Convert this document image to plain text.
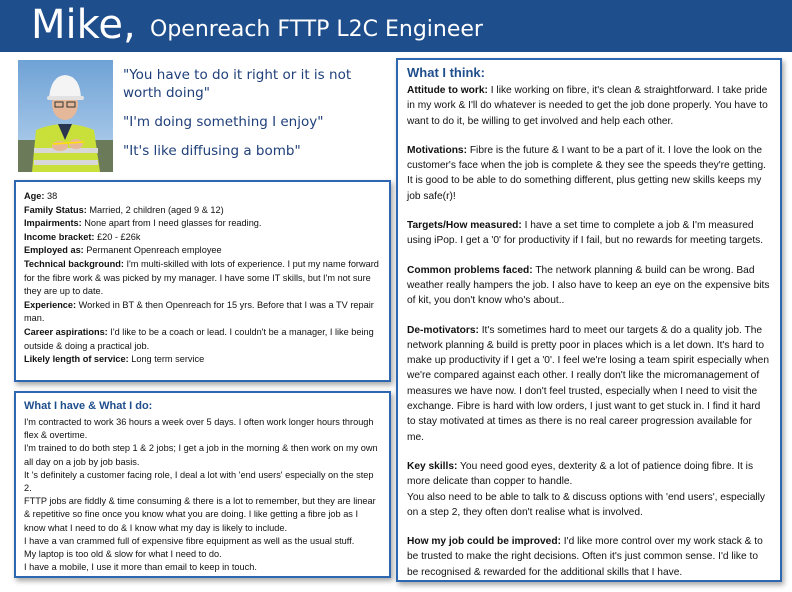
Mike, Openreach FTTP L2C Engineer

"You have to do it right or it is not worth doing"

"I'm doing something I enjoy"

"It's like diffusing a bomb"

Age: 38

Family Status: Married, 2 children (aged 9 & 12)

Impairments: None apart from I need glasses for reading.

Income bracket: £20 - £26k

Employed as: Permanent Openreach employee

Technical background: I'm multi-skilled with lots of experience. I put my name forward for the fibre work & was picked by my manager. I have some IT skills, but I'm not sure they are up to date.

Experience: Worked in BT & then Openreach for 15 yrs. Before that I was a TV repair man.

Career aspirations: I'd like to be a coach or lead. I couldn't be a manager, I like being outside & doing a practical job.

Likely length of service: Long term service

What I have & What I do:

I'm contracted to work 36 hours a week over 5 days. I often work longer hours through flex & overtime.

I'm trained to do both step 1 & 2 jobs; I get a job in the morning & then work on my own all day on a job by job basis.

It 's definitely a customer facing role, I deal a lot with 'end users' especially on the step 2.

FTTP jobs are fiddly & time consuming & there is a lot to remember, but they are linear & repetitive so fine once you know what you are doing. I like getting a fibre job as I know what I need to do & I know what my day is likely to include.

I have a van crammed full of expensive fibre equipment as well as the usual stuff.

My laptop is too old & slow for what I need to do.

I have a mobile, I use it more than email to keep in touch.

What I think:

Attitude to work: I like working on fibre, it's clean & straightforward. I take pride in my work & I'll do whatever is needed to get the job done properly. You have to want to do it, be willing to get involved and help each other.

Motivations: Fibre is the future & I want to be a part of it. I love the look on the customer's face when the job is complete & they see the speeds they're getting. It is good to be able to do something different, plus getting new skills keeps my job safe(r)!

Targets/How measured: I have a set time to complete a job & I'm measured using iPop. I get a '0' for productivity if I fail, but no rewards for meeting targets.

Common problems faced: The network planning & build can be wrong. Bad weather really hampers the job. I also have to keep an eye on the expensive bits of kit, you don't know who's about..

De-motivators: It's sometimes hard to meet our targets & do a quality job. The network planning & build is pretty poor in places which is a let down. It's hard to make up productivity if I get a '0'. I feel we're losing a team spirit especially when we're compared against each other. I really don't like the micromanagement of measures we have now. I don't feel trusted, especially when I need to visit the exchange. Fibre is hard with low orders, I just want to get stuck in. I find it hard to stay motivated at times as there is no real career progression available for me.

Key skills: You need good eyes, dexterity & a lot of patience doing fibre. It is more delicate than copper to handle.
You also need to be able to talk to & discuss options with 'end users', especially on a step 2, they often don't realise what is involved.

How my job could be improved: I'd like more control over my work stack & to be trusted to make the right decisions. Often it's just common sense. I'd like to be recognised & rewarded for the additional skills that I have.
